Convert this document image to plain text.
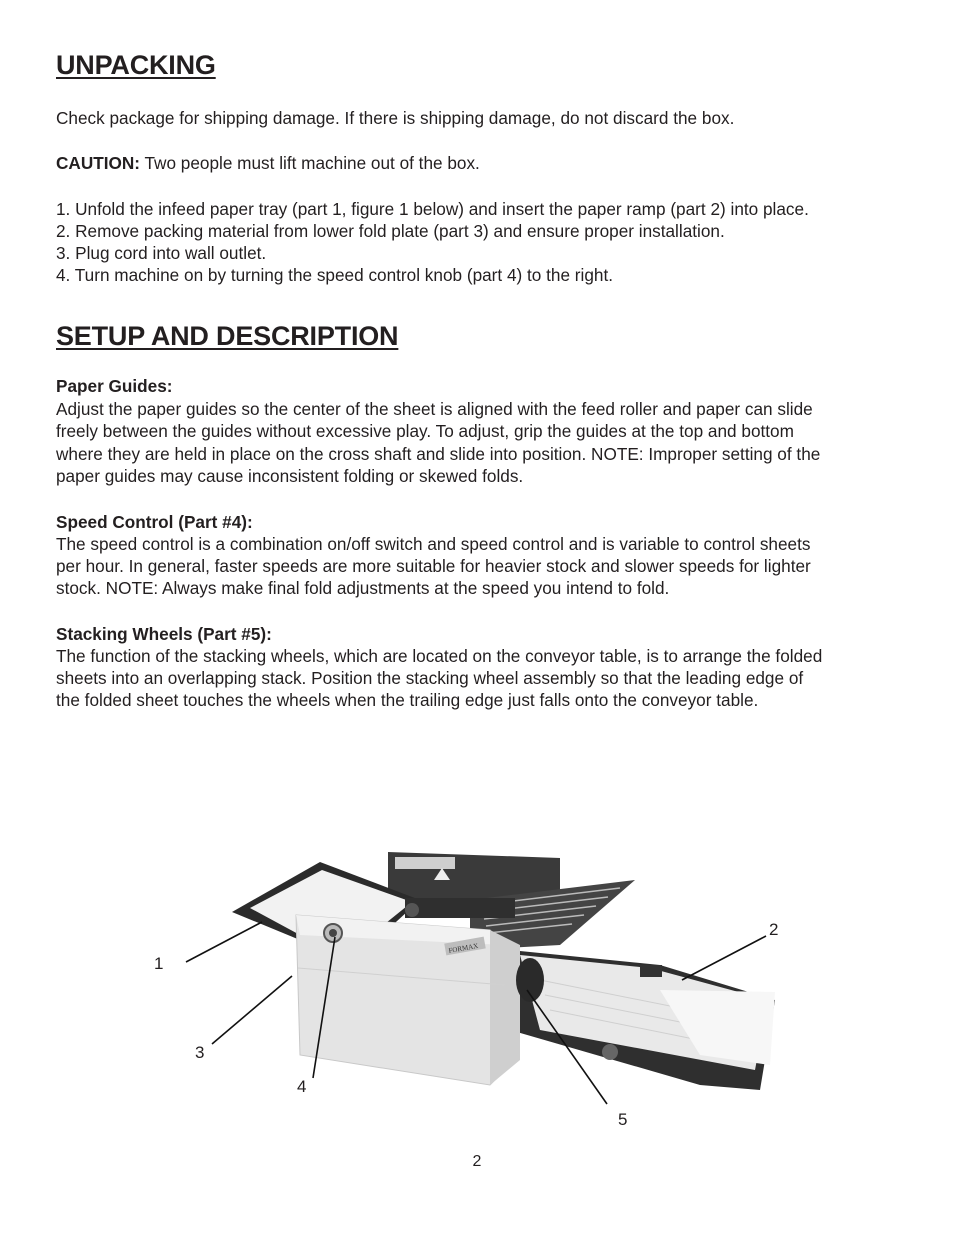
UNPACKING

Check package for shipping damage. If there is shipping damage, do not discard the box.

CAUTION: Two people must lift machine out of the box.

1. Unfold the infeed paper tray (part 1, figure 1 below) and insert the paper ramp (part 2) into place.

2. Remove packing material from lower fold plate (part 3) and ensure proper installation.

3. Plug cord into wall outlet.

4. Turn machine on by turning the speed control knob (part 4) to the right.

SETUP AND DESCRIPTION

Paper Guides:

Adjust the paper guides so the center of the sheet is aligned with the feed roller and paper can slide

freely between the guides without excessive play. To adjust, grip the guides at the top and bottom

where they are held in place on the cross shaft and slide into position. NOTE: Improper setting of the

paper guides may cause inconsistent folding or skewed folds.

Speed Control (Part #4):

The speed control is a combination on/off switch and speed control and is variable to control sheets

per hour. In general, faster speeds are more suitable for heavier stock and slower speeds for lighter

stock. NOTE: Always make final fold adjustments at the speed you intend to fold.

Stacking Wheels (Part #5):

The function of the stacking wheels, which are located on the conveyor table, is to arrange the folded

sheets into an overlapping stack. Position the stacking wheel assembly so that the leading edge of

the folded sheet touches the wheels when the trailing edge just falls onto the conveyor table.

FORMAX
1
2
3
4
5
2
